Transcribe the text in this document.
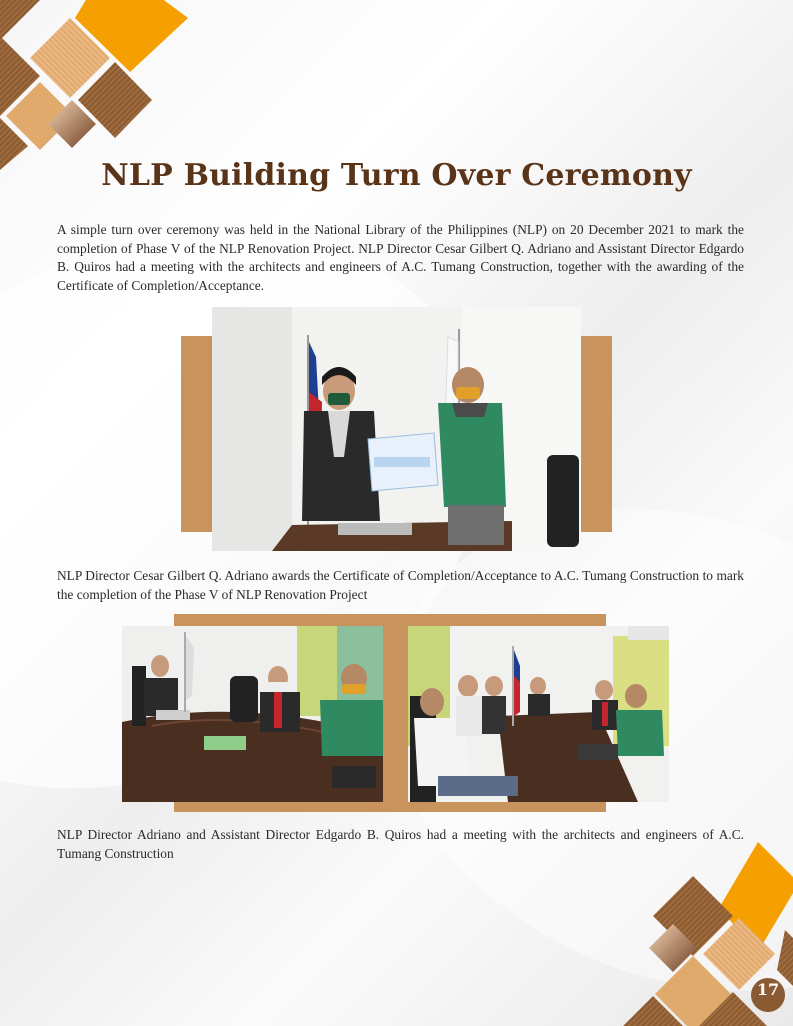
NLP Building Turn Over Ceremony

A simple turn over ceremony was held in the National Library of the Philippines (NLP) on 20 December 2021 to mark the completion of Phase V of the NLP Renovation Project. NLP Director Cesar Gilbert Q. Adriano and Assistant Director Edgardo B. Quiros had a meeting with the architects and engineers of A.C. Tumang Construction, together with the awarding of the Certificate of Completion/Acceptance.

NLP Director Cesar Gilbert Q. Adriano awards the Certificate of Completion/Acceptance to A.C. Tumang Construction to mark the completion of the Phase V of NLP Renovation Project

NLP Director Adriano and Assistant Director Edgardo B. Quiros had a meeting with the architects and engineers of A.C. Tumang Construction

17
